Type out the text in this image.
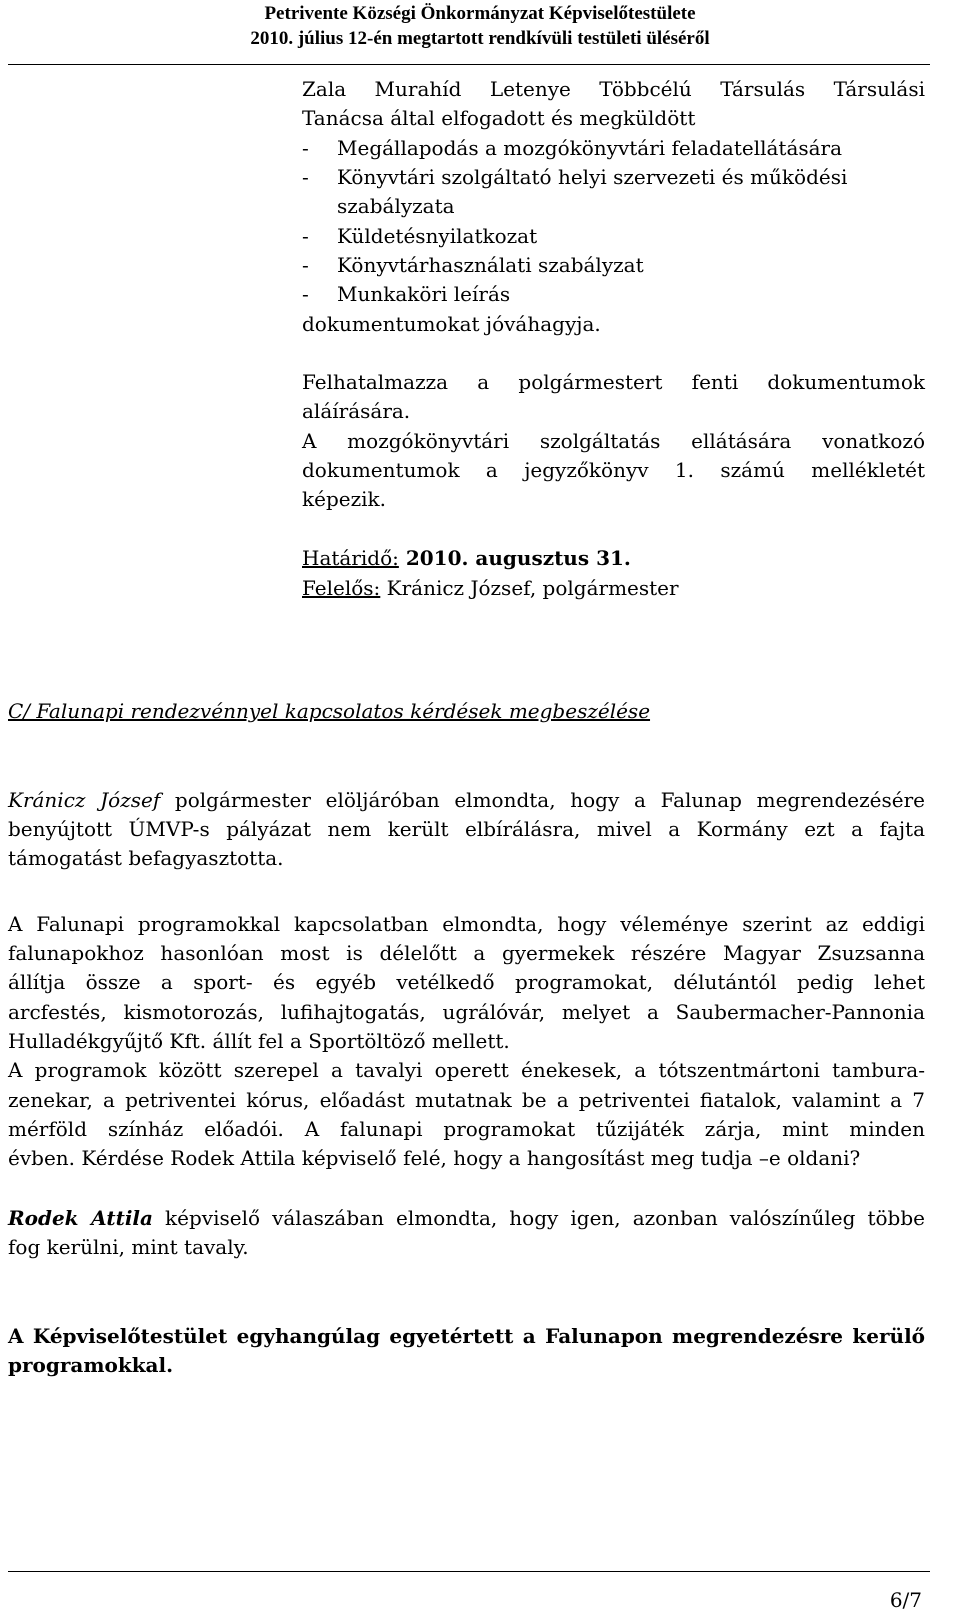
Petrivente Községi Önkormányzat Képviselőtestülete
2010. július 12-én megtartott rendkívüli testületi üléséről
Zala Murahíd Letenye Többcélú Társulás Társulási
Tanácsa által elfogadott és megküldött
- Megállapodás a mozgókönyvtári feladatellátására
- Könyvtári szolgáltató helyi szervezeti és működési
szabályzata
- Küldetésnyilatkozat
- Könyvtárhasználati szabályzat
- Munkaköri leírás
dokumentumokat jóváhagyja.
Felhatalmazza a polgármestert fenti dokumentumok
aláírására.
A mozgókönyvtári szolgáltatás ellátására vonatkozó
dokumentumok a jegyzőkönyv 1. számú mellékletét
képezik.
Határidő: 2010. augusztus 31.
Felelős: Kránicz József, polgármester
C/ Falunapi rendezvénnyel kapcsolatos kérdések megbeszélése
Kránicz József polgármester elöljáróban elmondta, hogy a Falunap megrendezésére
benyújtott ÚMVP-s pályázat nem került elbírálásra, mivel a Kormány ezt a fajta
támogatást befagyasztotta.
A Falunapi programokkal kapcsolatban elmondta, hogy véleménye szerint az eddigi
falunapokhoz hasonlóan most is délelőtt a gyermekek részére Magyar Zsuzsanna
állítja össze a sport- és egyéb vetélkedő programokat, délutántól pedig lehet
arcfestés, kismotorozás, lufihajtogatás, ugrálóvár, melyet a Saubermacher-Pannonia
Hulladékgyűjtő Kft. állít fel a Sportöltöző mellett.
A programok között szerepel a tavalyi operett énekesek, a tótszentmártoni tambura-
zenekar, a petriventei kórus, előadást mutatnak be a petriventei fiatalok, valamint a 7
mérföld színház előadói. A falunapi programokat tűzijáték zárja, mint minden
évben. Kérdése Rodek Attila képviselő felé, hogy a hangosítást meg tudja –e oldani?
Rodek Attila képviselő válaszában elmondta, hogy igen, azonban valószínűleg többe
fog kerülni, mint tavaly.
A Képviselőtestület egyhangúlag egyetértett a Falunapon megrendezésre kerülő
programokkal.
6/7
